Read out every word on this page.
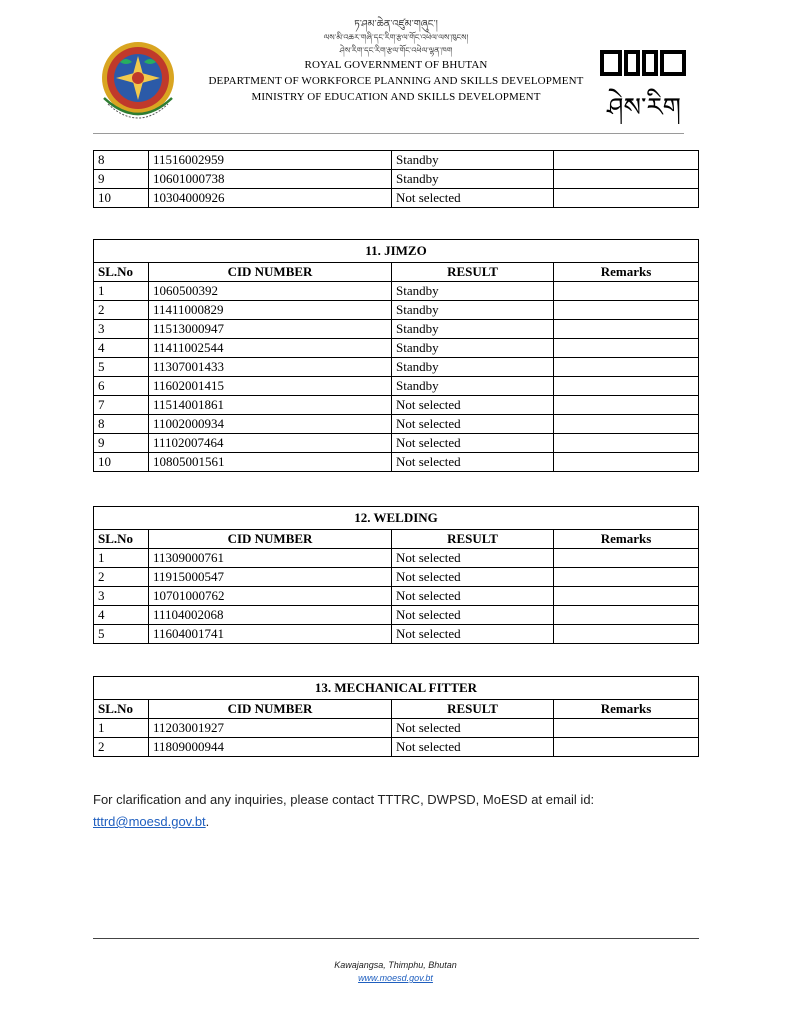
ཏ་ཤམ་ཆེན་འཛུམ་གཞུང་།
ལས་མི་འཆར་གཞི་དང་རིག་རྩལ་གོང་འཕེལ་ལས་ཁུངས།
ཤེས་རིག་དང་རིག་རྩལ་གོང་འཕེལ་ལྷན་ཁག
ROYAL GOVERNMENT OF BHUTAN
DEPARTMENT OF WORKFORCE PLANNING AND SKILLS DEVELOPMENT
MINISTRY OF EDUCATION AND SKILLS DEVELOPMENT	ཤེས་རིག
8	11516002959	Standby	
9	10601000738	Standby	
10	10304000926	Not selected	
11. JIMZO			
SL.No	CID NUMBER	RESULT	Remarks
1	1060500392	Standby	
2	11411000829	Standby	
3	11513000947	Standby	
4	11411002544	Standby	
5	11307001433	Standby	
6	11602001415	Standby	
7	11514001861	Not selected	
8	11002000934	Not selected	
9	11102007464	Not selected	
10	10805001561	Not selected	
12. WELDING			
SL.No	CID NUMBER	RESULT	Remarks
1	11309000761	Not selected	
2	11915000547	Not selected	
3	10701000762	Not selected	
4	11104002068	Not selected	
5	11604001741	Not selected	
13. MECHANICAL FITTER			
SL.No	CID NUMBER	RESULT	Remarks
1	11203001927	Not selected	
2	11809000944	Not selected	
For clarification and any inquiries, please contact TTTRC, DWPSD, MoESD at email id:
tttrd@moesd.gov.bt.
Kawajangsa, Thimphu, Bhutan
www.moesd.gov.bt
